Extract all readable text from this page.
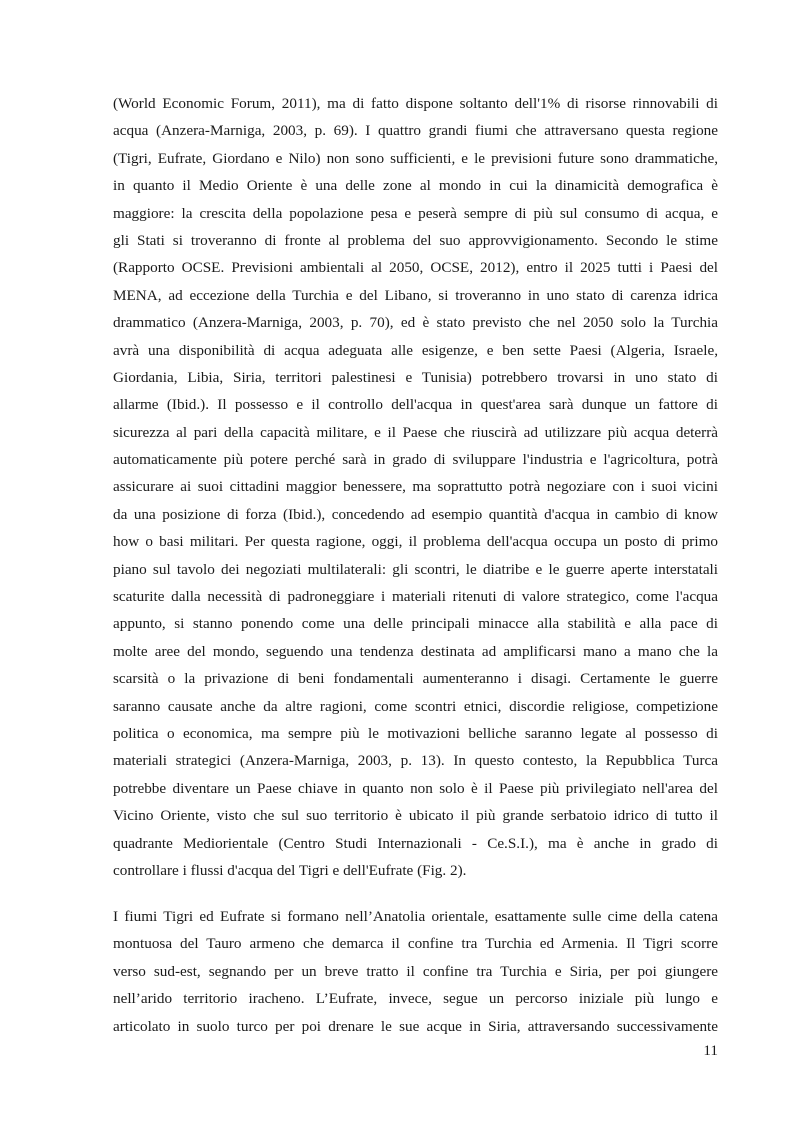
(World Economic Forum, 2011), ma di fatto dispone soltanto dell'1% di risorse rinnovabili di
acqua (Anzera-Marniga, 2003, p. 69). I quattro grandi fiumi che attraversano questa regione
(Tigri, Eufrate, Giordano e Nilo) non sono sufficienti, e le previsioni future sono drammatiche,
in quanto il Medio Oriente è una delle zone al mondo in cui la dinamicità demografica è
maggiore: la crescita della popolazione pesa e peserà sempre di più sul consumo di acqua, e
gli Stati si troveranno di fronte al problema del suo approvvigionamento. Secondo le stime
(Rapporto OCSE. Previsioni ambientali al 2050, OCSE, 2012), entro il 2025 tutti i Paesi del
MENA, ad eccezione della Turchia e del Libano, si troveranno in uno stato di carenza idrica
drammatico (Anzera-Marniga, 2003, p. 70), ed è stato previsto che nel 2050 solo la Turchia
avrà una disponibilità di acqua adeguata alle esigenze, e ben sette Paesi (Algeria, Israele,
Giordania, Libia, Siria, territori palestinesi e Tunisia) potrebbero trovarsi in uno stato di
allarme (Ibid.). Il possesso e il controllo dell'acqua in quest'area sarà dunque un fattore di
sicurezza al pari della capacità militare, e il Paese che riuscirà ad utilizzare più acqua deterrà
automaticamente più potere perché sarà in grado di sviluppare l'industria e l'agricoltura, potrà
assicurare ai suoi cittadini maggior benessere, ma soprattutto potrà negoziare con i suoi vicini
da una posizione di forza (Ibid.), concedendo ad esempio quantità d'acqua in cambio di know
how o basi militari. Per questa ragione, oggi, il problema dell'acqua occupa un posto di primo
piano sul tavolo dei negoziati multilaterali: gli scontri, le diatribe e le guerre aperte interstatali
scaturite dalla necessità di padroneggiare i materiali ritenuti di valore strategico, come l'acqua
appunto, si stanno ponendo come una delle principali minacce alla stabilità e alla pace di
molte aree del mondo, seguendo una tendenza destinata ad amplificarsi mano a mano che la
scarsità o la privazione di beni fondamentali aumenteranno i disagi. Certamente le guerre
saranno causate anche da altre ragioni, come scontri etnici, discordie religiose, competizione
politica o economica, ma sempre più le motivazioni belliche saranno legate al possesso di
materiali strategici (Anzera-Marniga, 2003, p. 13). In questo contesto, la Repubblica Turca
potrebbe diventare un Paese chiave in quanto non solo è il Paese più privilegiato nell'area del
Vicino Oriente, visto che sul suo territorio è ubicato il più grande serbatoio idrico di tutto il
quadrante Mediorientale (Centro Studi Internazionali - Ce.S.I.), ma è anche in grado di
controllare i flussi d'acqua del Tigri e dell'Eufrate (Fig. 2).
I fiumi Tigri ed Eufrate si formano nell’Anatolia orientale, esattamente sulle cime della catena
montuosa del Tauro armeno che demarca il confine tra Turchia ed Armenia. Il Tigri scorre
verso sud-est, segnando per un breve tratto il confine tra Turchia e Siria, per poi giungere
nell’arido territorio iracheno. L’Eufrate, invece, segue un percorso iniziale più lungo e
articolato in suolo turco per poi drenare le sue acque in Siria, attraversando successivamente
11
